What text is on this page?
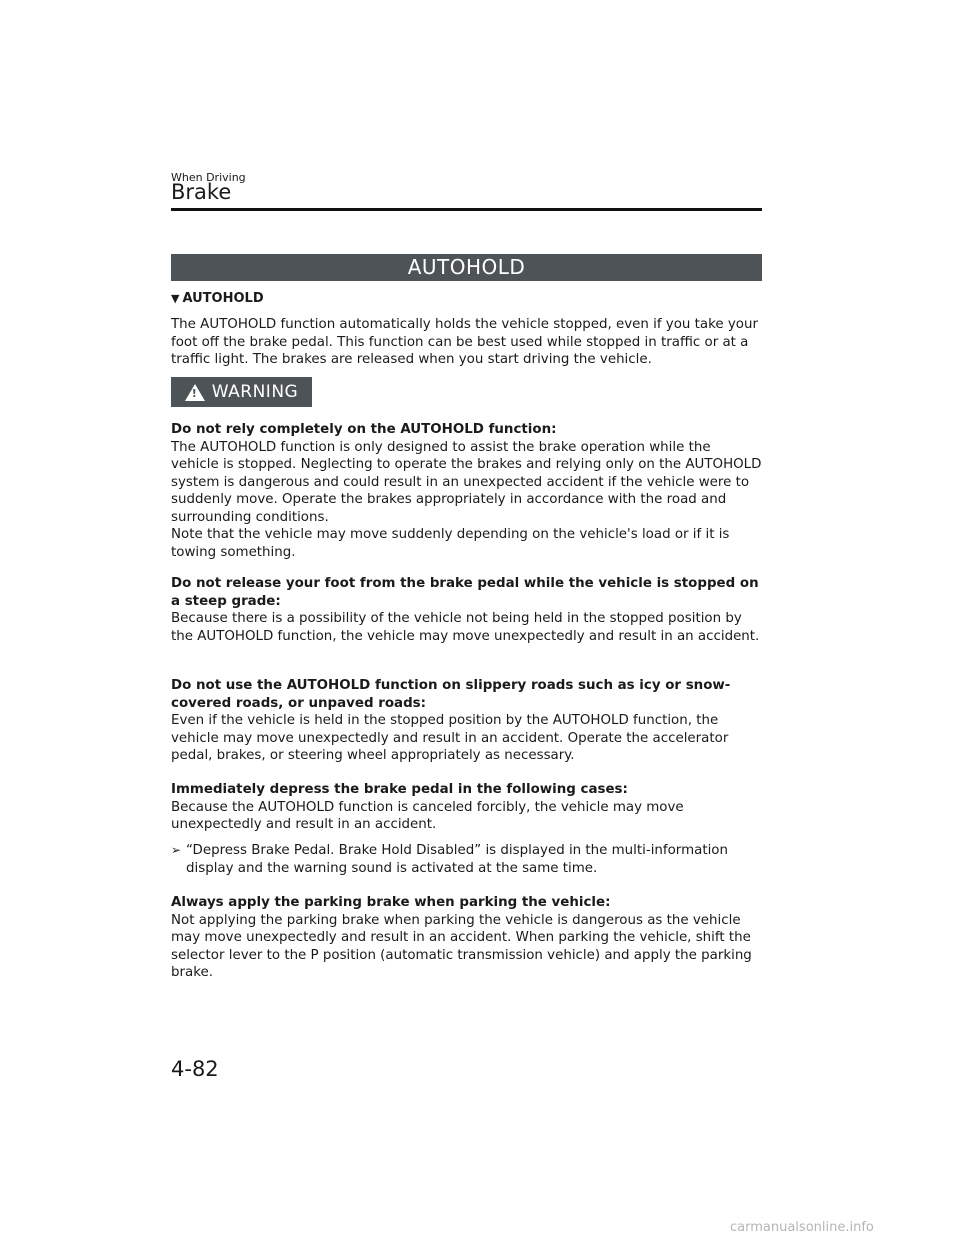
When Driving
Brake
AUTOHOLD
▼ AUTOHOLD
The AUTOHOLD function automatically holds the vehicle stopped, even if you take your foot off the brake pedal. This function can be best used while stopped in traffic or at a traffic light. The brakes are released when you start driving the vehicle.
! WARNING

Do not rely completely on the AUTOHOLD function:

The AUTOHOLD function is only designed to assist the brake operation while the vehicle is stopped. Neglecting to operate the brakes and relying only on the AUTOHOLD system is dangerous and could result in an unexpected accident if the vehicle were to suddenly move. Operate the brakes appropriately in accordance with the road and surrounding conditions.

Note that the vehicle may move suddenly depending on the vehicle's load or if it is towing something.

Do not release your foot from the brake pedal while the vehicle is stopped on a steep grade:

Because there is a possibility of the vehicle not being held in the stopped position by the AUTOHOLD function, the vehicle may move unexpectedly and result in an accident.

Do not use the AUTOHOLD function on slippery roads such as icy or snow-covered roads, or unpaved roads:

Even if the vehicle is held in the stopped position by the AUTOHOLD function, the vehicle may move unexpectedly and result in an accident. Operate the accelerator pedal, brakes, or steering wheel appropriately as necessary.

Immediately depress the brake pedal in the following cases:

Because the AUTOHOLD function is canceled forcibly, the vehicle may move unexpectedly and result in an accident.

➢ “Depress Brake Pedal. Brake Hold Disabled” is displayed in the multi-information display and the warning sound is activated at the same time.

Always apply the parking brake when parking the vehicle:

Not applying the parking brake when parking the vehicle is dangerous as the vehicle may move unexpectedly and result in an accident. When parking the vehicle, shift the selector lever to the P position (automatic transmission vehicle) and apply the parking brake.

4-82
carmanualsonline.info
